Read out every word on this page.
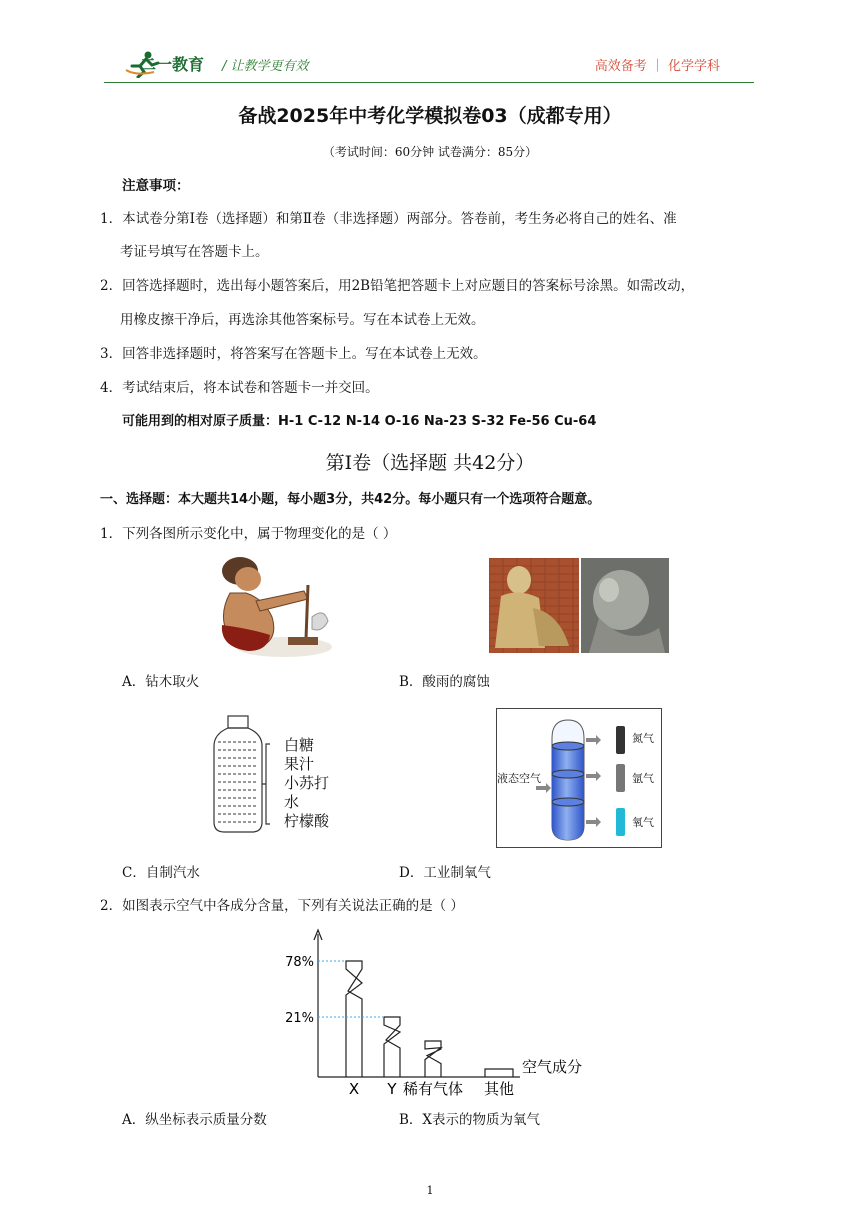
二一教育 / 让教学更有效	高效备考 ｜ 化学学科
备战2025年中考化学模拟卷03（成都专用）
（考试时间：60分钟 试卷满分：85分）
注意事项：
1．本试卷分第Ⅰ卷（选择题）和第Ⅱ卷（非选择题）两部分。答卷前，考生务必将自己的姓名、准
考证号填写在答题卡上。
2．回答选择题时，选出每小题答案后，用2B铅笔把答题卡上对应题目的答案标号涂黑。如需改动，
用橡皮擦干净后，再选涂其他答案标号。写在本试卷上无效。
3．回答非选择题时，将答案写在答题卡上。写在本试卷上无效。
4．考试结束后，将本试卷和答题卡一并交回。
可能用到的相对原子质量：H-1 C-12 N-14 O-16 Na-23 S-32 Fe-56 Cu-64
第Ⅰ卷（选择题 共42分）
一、选择题：本大题共14小题，每小题3分，共42分。每小题只有一个选项符合题意。
1．下列各图所示变化中，属于物理变化的是（ ）
A．钻木取火	B．酸雨的腐蚀
白糖
果汁
小苏打
水
柠檬酸
液态空气
氮气
氩气
氧气
C．自制汽水	D．工业制氧气
2．如图表示空气中各成分含量，下列有关说法正确的是（ ）
78%
21%
空气成分
X Y 稀有气体 其他
A．纵坐标表示质量分数	B．X表示的物质为氧气
1
